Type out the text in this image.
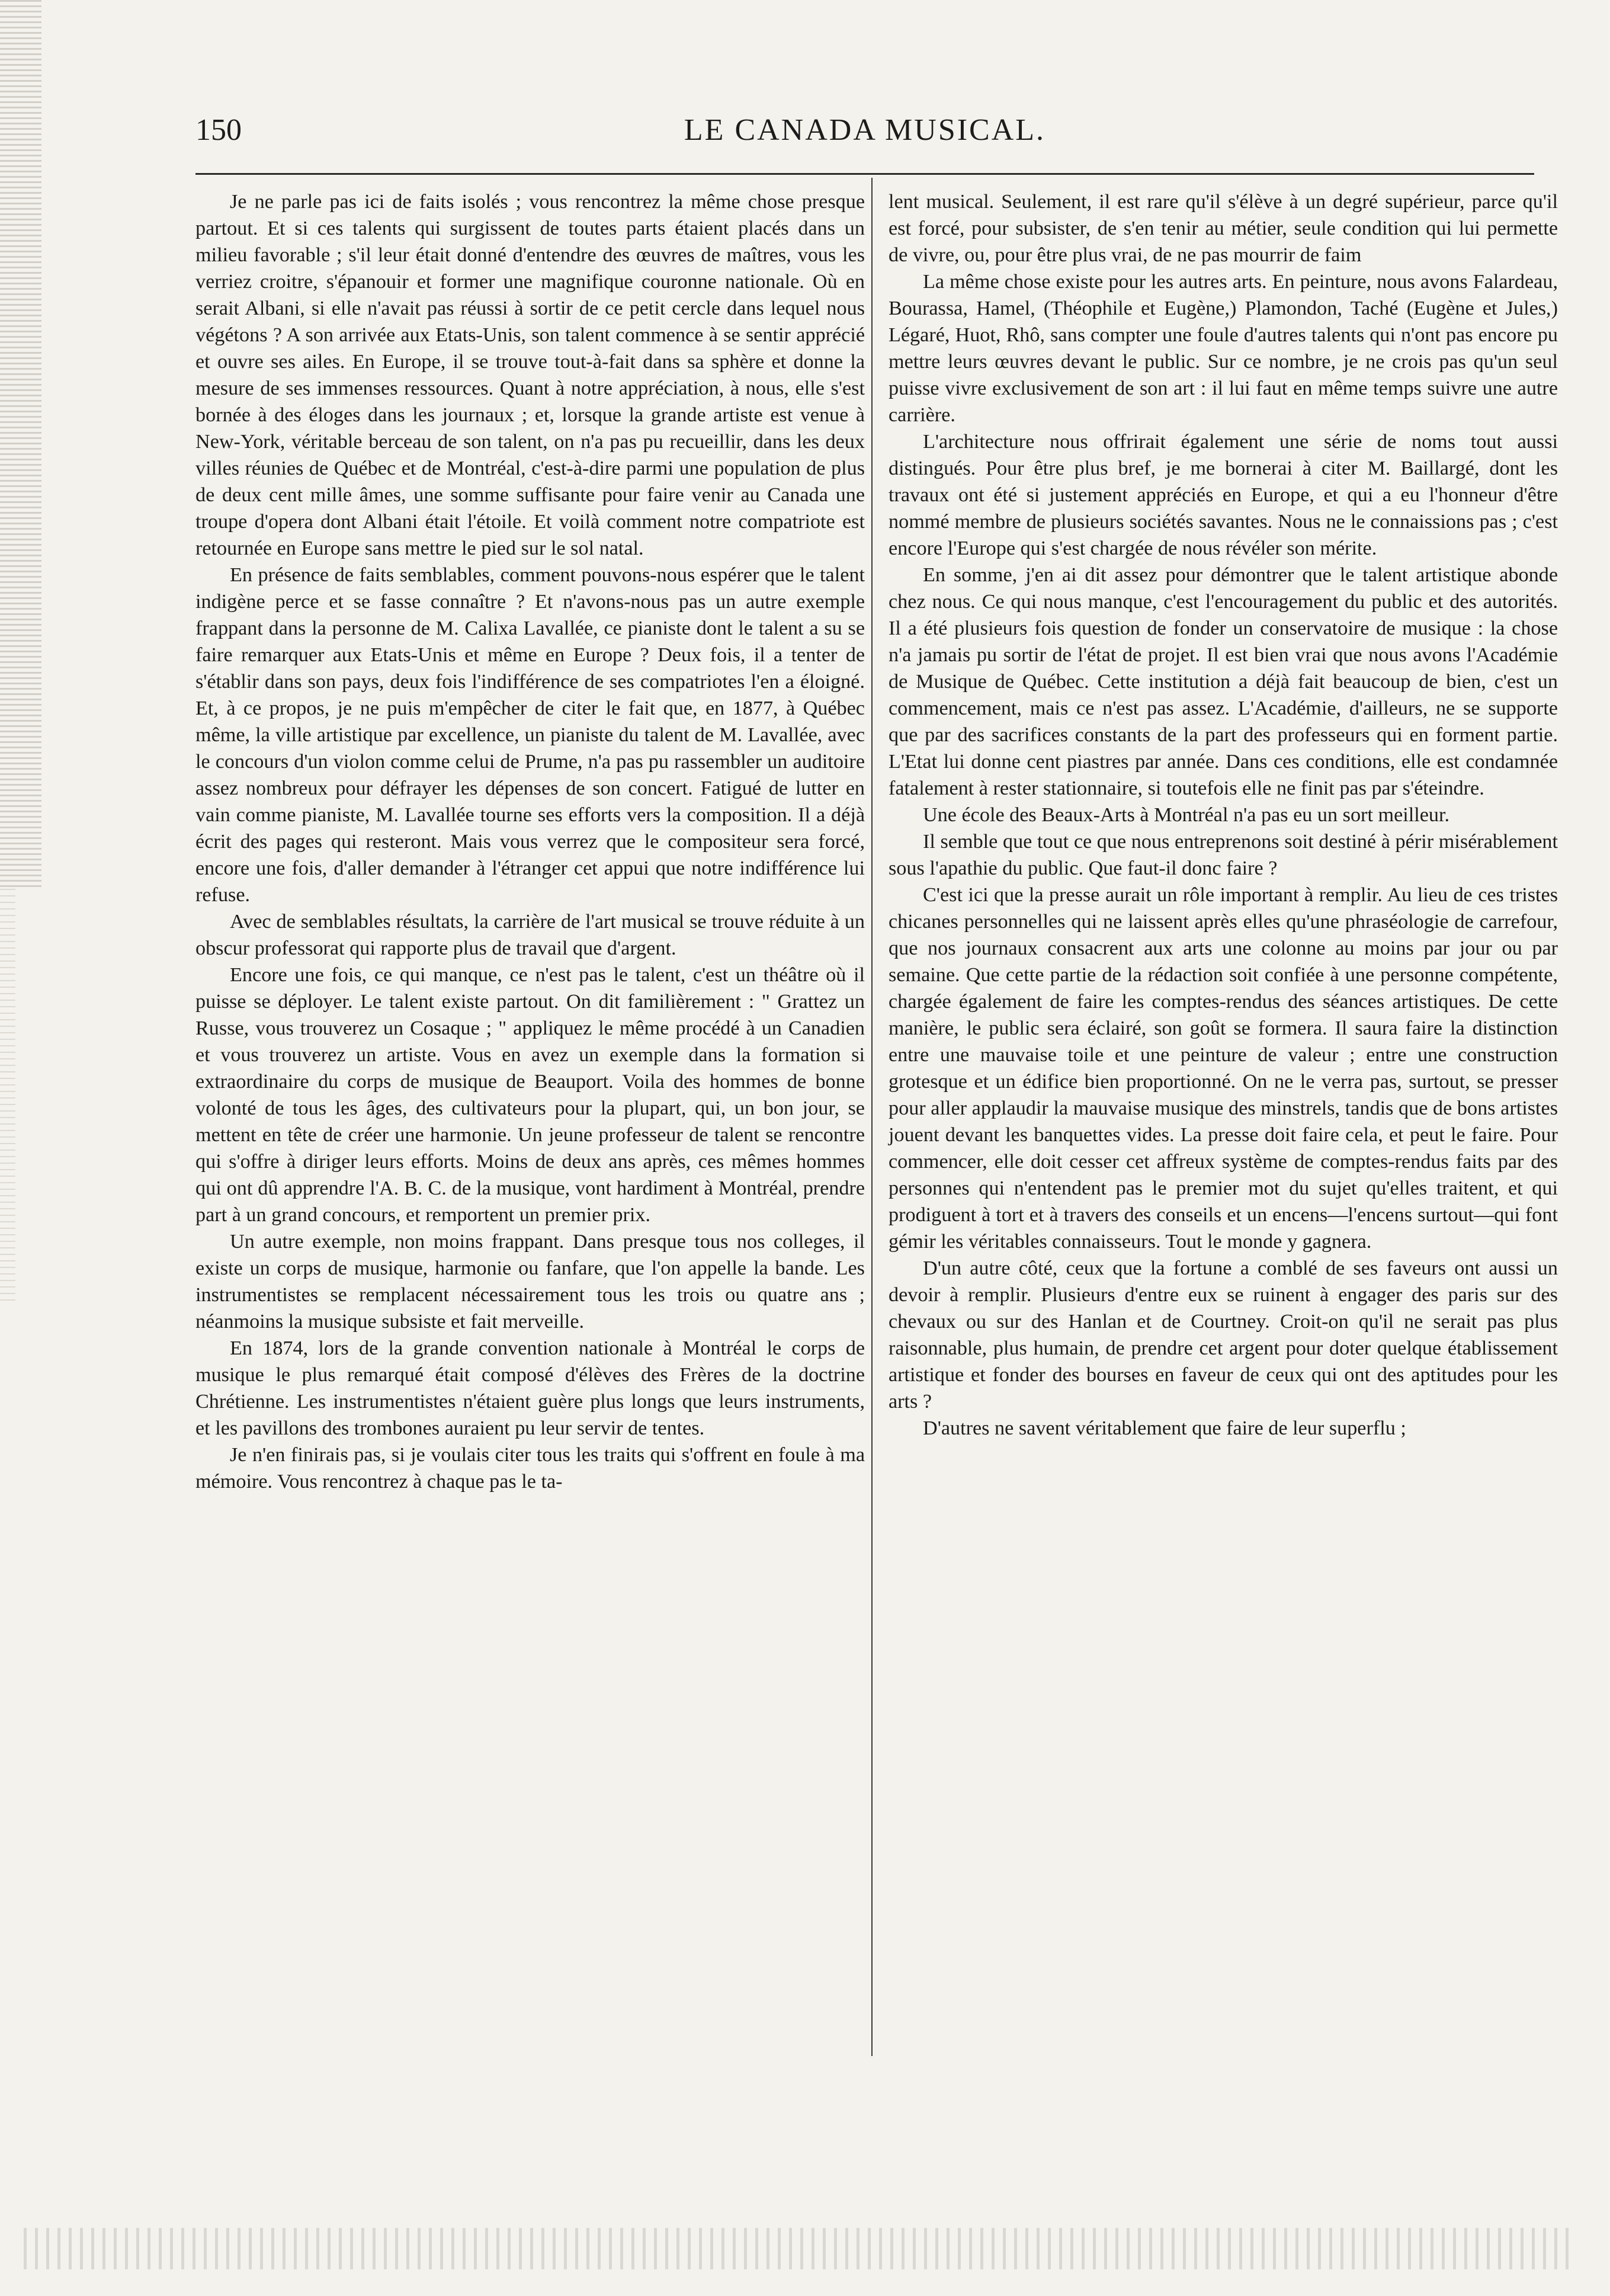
150	LE CANADA MUSICAL.

Je ne parle pas ici de faits isolés ; vous rencontrez la même chose presque partout. Et si ces talents qui surgissent de toutes parts étaient placés dans un milieu favorable ; s'il leur était donné d'entendre des œuvres de maîtres, vous les verriez croitre, s'épanouir et former une magnifique couronne nationale. Où en serait Albani, si elle n'avait pas réussi à sortir de ce petit cercle dans lequel nous végétons ? A son arrivée aux Etats-Unis, son talent commence à se sentir apprécié et ouvre ses ailes. En Europe, il se trouve tout-à-fait dans sa sphère et donne la mesure de ses immenses ressources. Quant à notre appréciation, à nous, elle s'est bornée à des éloges dans les journaux ; et, lorsque la grande artiste est venue à New-York, véritable berceau de son talent, on n'a pas pu recueillir, dans les deux villes réunies de Québec et de Montréal, c'est-à-dire parmi une population de plus de deux cent mille âmes, une somme suffisante pour faire venir au Canada une troupe d'opera dont Albani était l'étoile. Et voilà comment notre compatriote est retournée en Europe sans mettre le pied sur le sol natal.

En présence de faits semblables, comment pouvons-nous espérer que le talent indigène perce et se fasse connaître ? Et n'avons-nous pas un autre exemple frappant dans la personne de M. Calixa Lavallée, ce pianiste dont le talent a su se faire remarquer aux Etats-Unis et même en Europe ? Deux fois, il a tenter de s'établir dans son pays, deux fois l'indifférence de ses compatriotes l'en a éloigné. Et, à ce propos, je ne puis m'empêcher de citer le fait que, en 1877, à Québec même, la ville artistique par excellence, un pianiste du talent de M. Lavallée, avec le concours d'un violon comme celui de Prume, n'a pas pu rassembler un auditoire assez nombreux pour défrayer les dépenses de son concert. Fatigué de lutter en vain comme pianiste, M. Lavallée tourne ses efforts vers la composition. Il a déjà écrit des pages qui resteront. Mais vous verrez que le compositeur sera forcé, encore une fois, d'aller demander à l'étranger cet appui que notre indifférence lui refuse.

Avec de semblables résultats, la carrière de l'art musical se trouve réduite à un obscur professorat qui rapporte plus de travail que d'argent.

Encore une fois, ce qui manque, ce n'est pas le talent, c'est un théâtre où il puisse se déployer. Le talent existe partout. On dit familièrement : " Grattez un Russe, vous trouverez un Cosaque ; " appliquez le même procédé à un Canadien et vous trouverez un artiste. Vous en avez un exemple dans la formation si extraordinaire du corps de musique de Beauport. Voila des hommes de bonne volonté de tous les âges, des cultivateurs pour la plupart, qui, un bon jour, se mettent en tête de créer une harmonie. Un jeune professeur de talent se rencontre qui s'offre à diriger leurs efforts. Moins de deux ans après, ces mêmes hommes qui ont dû apprendre l'A. B. C. de la musique, vont hardiment à Montréal, prendre part à un grand concours, et remportent un premier prix.

Un autre exemple, non moins frappant. Dans presque tous nos colleges, il existe un corps de musique, harmonie ou fanfare, que l'on appelle la bande. Les instrumentistes se remplacent nécessairement tous les trois ou quatre ans ; néanmoins la musique subsiste et fait merveille.

En 1874, lors de la grande convention nationale à Montréal le corps de musique le plus remarqué était composé d'élèves des Frères de la doctrine Chrétienne. Les instrumentistes n'étaient guère plus longs que leurs instruments, et les pavillons des trombones auraient pu leur servir de tentes.

Je n'en finirais pas, si je voulais citer tous les traits qui s'offrent en foule à ma mémoire. Vous rencontrez à chaque pas le ta-

lent musical. Seulement, il est rare qu'il s'élève à un degré supérieur, parce qu'il est forcé, pour subsister, de s'en tenir au métier, seule condition qui lui permette de vivre, ou, pour être plus vrai, de ne pas mourrir de faim

La même chose existe pour les autres arts. En peinture, nous avons Falardeau, Bourassa, Hamel, (Théophile et Eugène,) Plamondon, Taché (Eugène et Jules,) Légaré, Huot, Rhô, sans compter une foule d'autres talents qui n'ont pas encore pu mettre leurs œuvres devant le public. Sur ce nombre, je ne crois pas qu'un seul puisse vivre exclusivement de son art : il lui faut en même temps suivre une autre carrière.

L'architecture nous offrirait également une série de noms tout aussi distingués. Pour être plus bref, je me bornerai à citer M. Baillargé, dont les travaux ont été si justement appréciés en Europe, et qui a eu l'honneur d'être nommé membre de plusieurs sociétés savantes. Nous ne le connaissions pas ; c'est encore l'Europe qui s'est chargée de nous révéler son mérite.

En somme, j'en ai dit assez pour démontrer que le talent artistique abonde chez nous. Ce qui nous manque, c'est l'encouragement du public et des autorités. Il a été plusieurs fois question de fonder un conservatoire de musique : la chose n'a jamais pu sortir de l'état de projet. Il est bien vrai que nous avons l'Académie de Musique de Québec. Cette institution a déjà fait beaucoup de bien, c'est un commencement, mais ce n'est pas assez. L'Académie, d'ailleurs, ne se supporte que par des sacrifices constants de la part des professeurs qui en forment partie. L'Etat lui donne cent piastres par année. Dans ces conditions, elle est condamnée fatalement à rester stationnaire, si toutefois elle ne finit pas par s'éteindre.

Une école des Beaux-Arts à Montréal n'a pas eu un sort meilleur.

Il semble que tout ce que nous entreprenons soit destiné à périr misérablement sous l'apathie du public. Que faut-il donc faire ?

C'est ici que la presse aurait un rôle important à remplir. Au lieu de ces tristes chicanes personnelles qui ne laissent après elles qu'une phraséologie de carrefour, que nos journaux consacrent aux arts une colonne au moins par jour ou par semaine. Que cette partie de la rédaction soit confiée à une personne compétente, chargée également de faire les comptes-rendus des séances artistiques. De cette manière, le public sera éclairé, son goût se formera. Il saura faire la distinction entre une mauvaise toile et une peinture de valeur ; entre une construction grotesque et un édifice bien proportionné. On ne le verra pas, surtout, se presser pour aller applaudir la mauvaise musique des minstrels, tandis que de bons artistes jouent devant les banquettes vides. La presse doit faire cela, et peut le faire. Pour commencer, elle doit cesser cet affreux système de comptes-rendus faits par des personnes qui n'entendent pas le premier mot du sujet qu'elles traitent, et qui prodiguent à tort et à travers des conseils et un encens—l'encens surtout—qui font gémir les véritables connaisseurs. Tout le monde y gagnera.

D'un autre côté, ceux que la fortune a comblé de ses faveurs ont aussi un devoir à remplir. Plusieurs d'entre eux se ruinent à engager des paris sur des chevaux ou sur des Hanlan et de Courtney. Croit-on qu'il ne serait pas plus raisonnable, plus humain, de prendre cet argent pour doter quelque établissement artistique et fonder des bourses en faveur de ceux qui ont des aptitudes pour les arts ?

D'autres ne savent véritablement que faire de leur superflu ;
